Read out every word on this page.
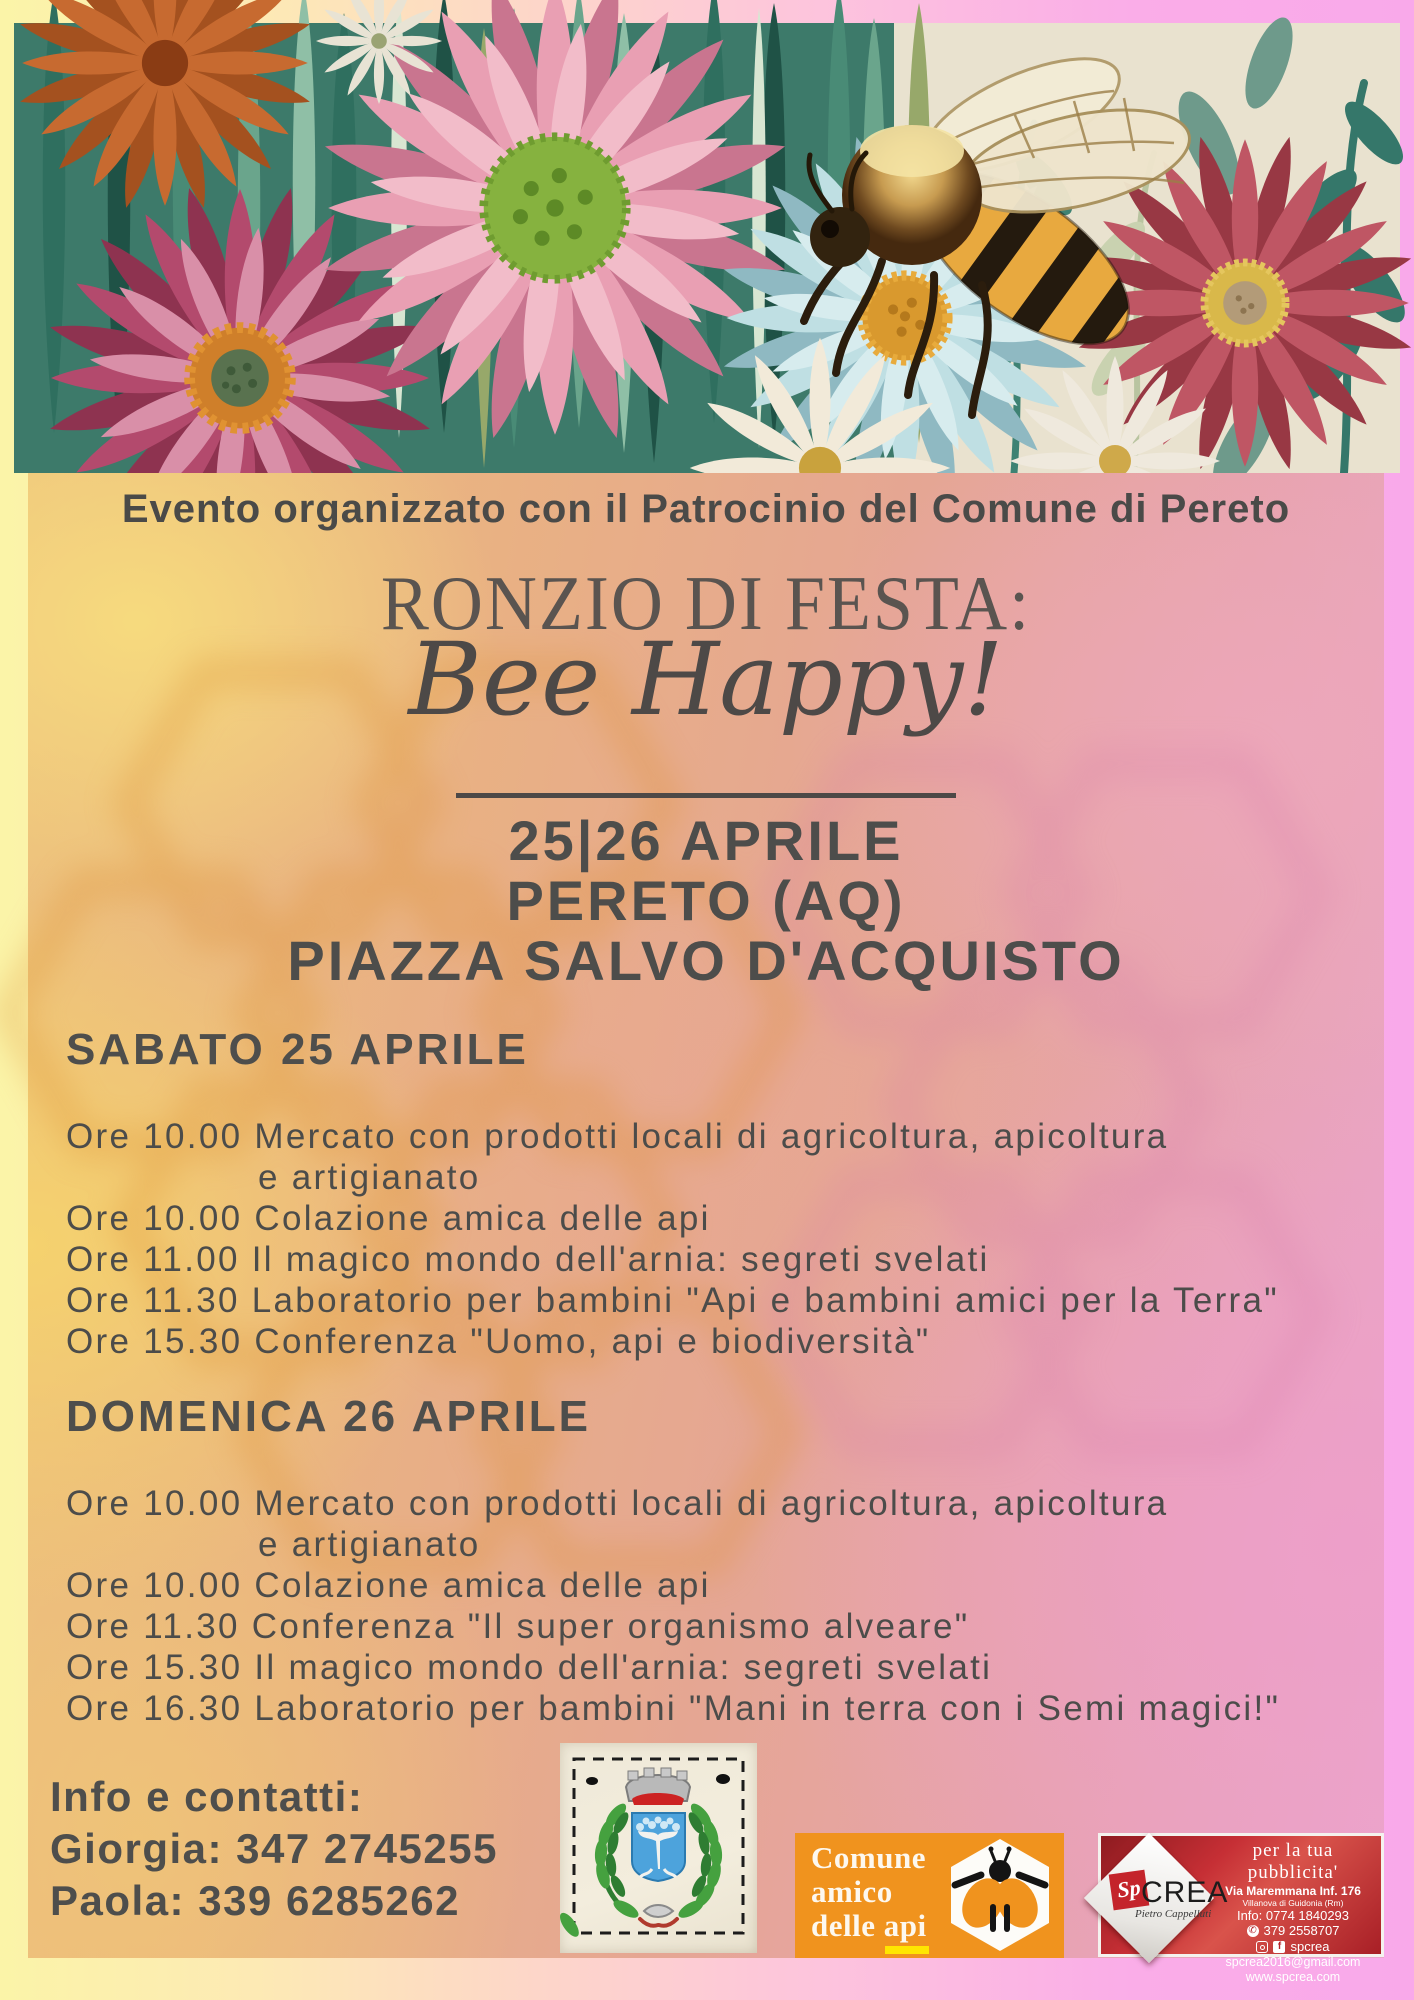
Evento organizzato con il Patrocinio del Comune di Pereto
RONZIO DI FESTA:
Bee Happy!
25|26 APRILE
PERETO (AQ)
PIAZZA SALVO D'ACQUISTO
SABATO 25 APRILE
Ore 10.00 Mercato con prodotti locali di agricoltura, apicoltura
e artigianato
Ore 10.00 Colazione amica delle api
Ore 11.00 Il magico mondo dell'arnia: segreti svelati
Ore 11.30 Laboratorio per bambini "Api e bambini amici per la Terra"
Ore 15.30 Conferenza "Uomo, api e biodiversità"
DOMENICA 26 APRILE
Ore 10.00 Mercato con prodotti locali di agricoltura, apicoltura
e artigianato
Ore 10.00 Colazione amica delle api
Ore 11.30 Conferenza "Il super organismo alveare"
Ore 15.30 Il magico mondo dell'arnia: segreti svelati
Ore 16.30 Laboratorio per bambini "Mani in terra con i Semi magici!"
Info e contatti:
Giorgia: 347 2745255
Paola: 339 6285262
Comune
amico
delle api
Sp
CREA
Pietro Cappelluti
per la tua pubblicita'
Via Maremmana Inf. 176
Villanova di Guidonia (Rm)
Info: 0774 1840293
✆ 379 2558707
f spcrea
spcrea2016@gmail.com
www.spcrea.com
